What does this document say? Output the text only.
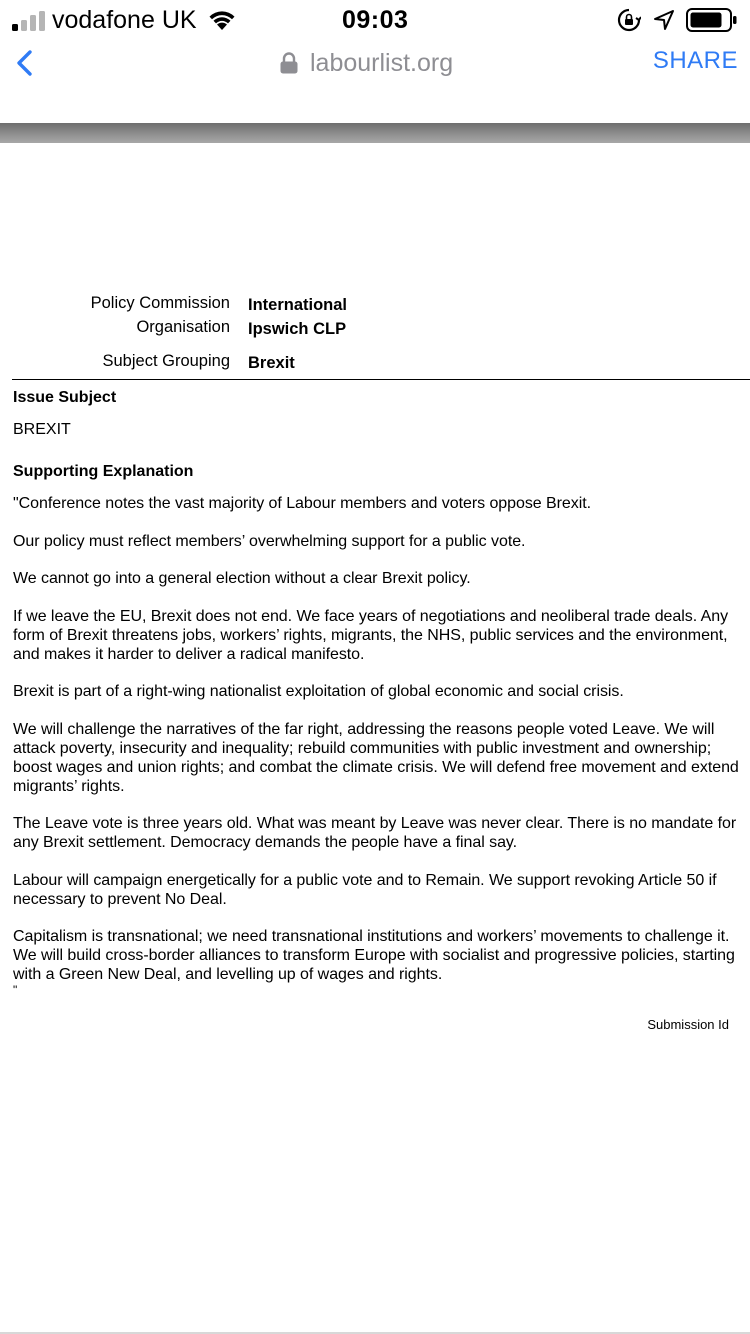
vodafone UK	09:03
labourlist.org	SHARE
Policy Commission International
Organisation Ipswich CLP
Subject Grouping Brexit
Issue Subject
BREXIT
Supporting Explanation

"Conference notes the vast majority of Labour members and voters oppose Brexit.

Our policy must reflect members’ overwhelming support for a public vote.

We cannot go into a general election without a clear Brexit policy.

If we leave the EU, Brexit does not end. We face years of negotiations and neoliberal trade deals. Any form of Brexit threatens jobs, workers’ rights, migrants, the NHS, public services and the environment, and makes it harder to deliver a radical manifesto.

Brexit is part of a right-wing nationalist exploitation of global economic and social crisis.

We will challenge the narratives of the far right, addressing the reasons people voted Leave. We will attack poverty, insecurity and inequality; rebuild communities with public investment and ownership; boost wages and union rights; and combat the climate crisis. We will defend free movement and extend migrants’ rights.

The Leave vote is three years old. What was meant by Leave was never clear. There is no mandate for any Brexit settlement. Democracy demands the people have a final say.

Labour will campaign energetically for a public vote and to Remain. We support revoking Article 50 if necessary to prevent No Deal.

Capitalism is transnational; we need transnational institutions and workers’ movements to challenge it. We will build cross-border alliances to transform Europe with socialist and progressive policies, starting with a Green New Deal, and levelling up of wages and rights.

"
Submission Id
